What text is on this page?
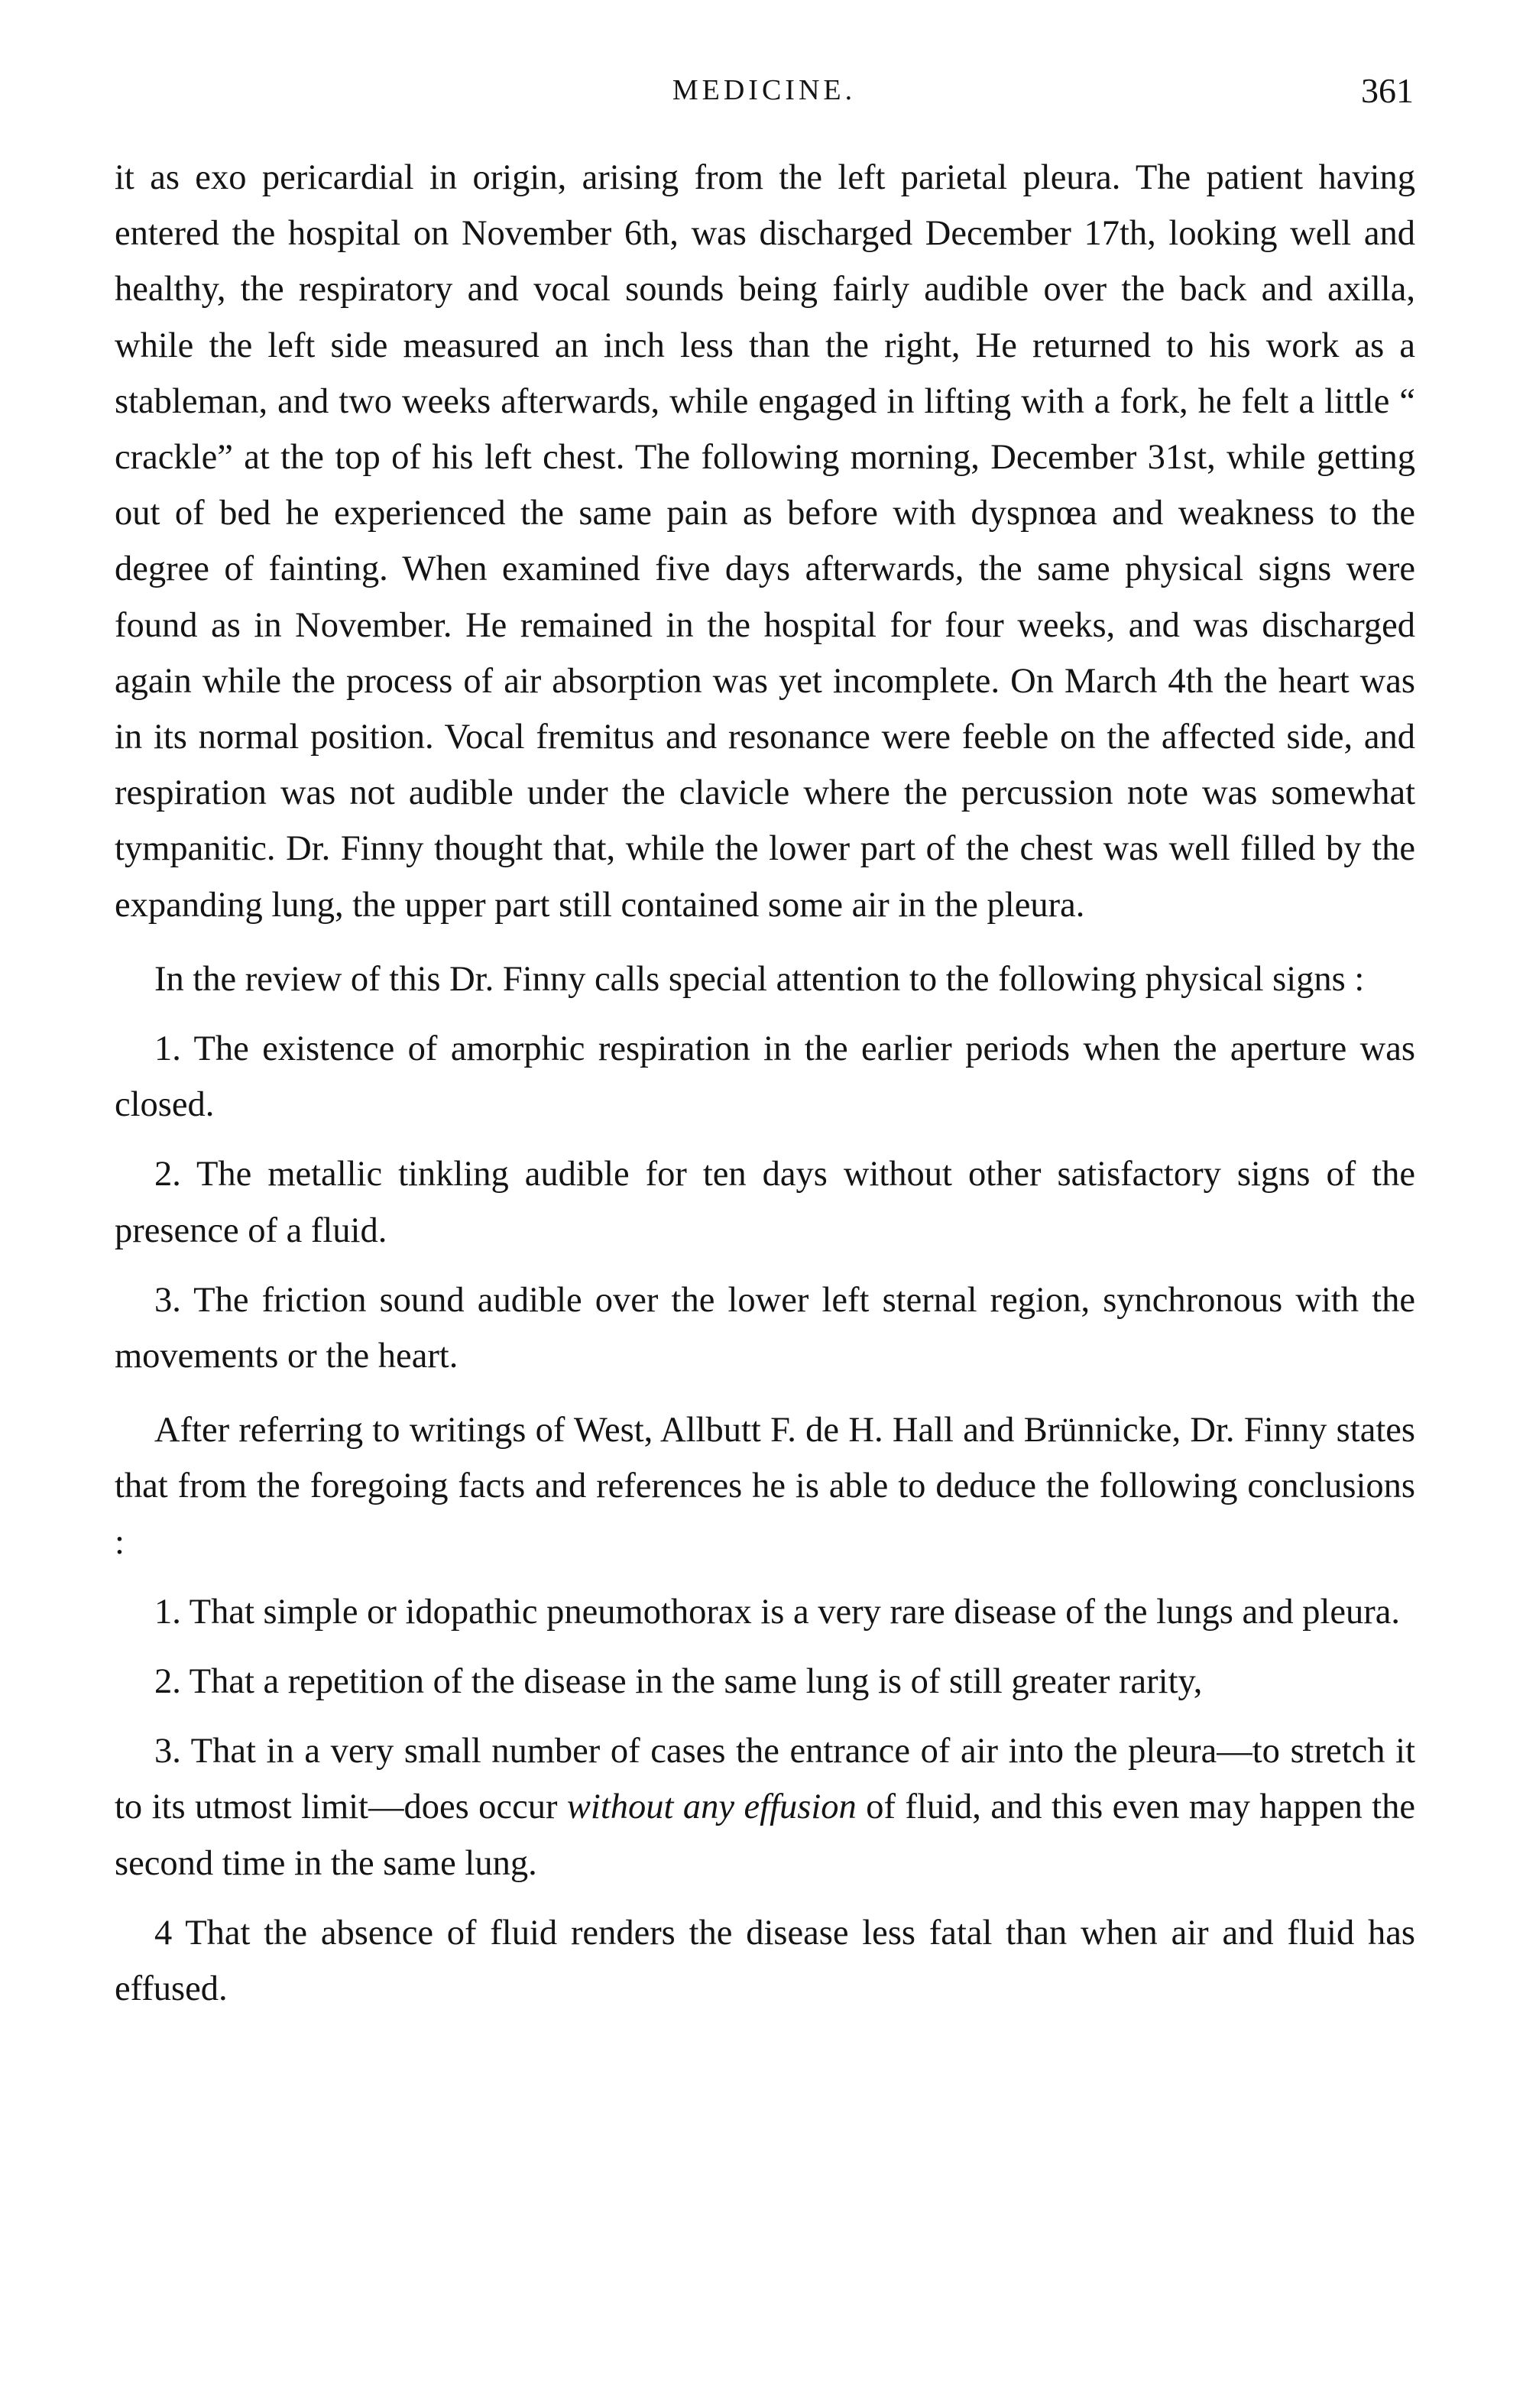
MEDICINE.	361

it as exo pericardial in origin, arising from the left parietal pleura. The patient having entered the hospital on November 6th, was discharged December 17th, looking well and healthy, the respiratory and vocal sounds being fairly audible over the back and axilla, while the left side measured an inch less than the right, He returned to his work as a stableman, and two weeks afterwards, while engaged in lifting with a fork, he felt a little “ crackle” at the top of his left chest. The following morning, December 31st, while getting out of bed he experienced the same pain as before with dyspnœa and weakness to the degree of fainting. When examined five days afterwards, the same physical signs were found as in November. He remained in the hospital for four weeks, and was discharged again while the process of air absorption was yet incomplete. On March 4th the heart was in its normal position. Vocal fremitus and resonance were feeble on the affected side, and respiration was not audible under the clavicle where the percussion note was somewhat tympanitic. Dr. Finny thought that, while the lower part of the chest was well filled by the expanding lung, the upper part still contained some air in the pleura.

In the review of this Dr. Finny calls special attention to the following physical signs :

1. The existence of amorphic respiration in the earlier periods when the aperture was closed.

2. The metallic tinkling audible for ten days without other satisfactory signs of the presence of a fluid.

3. The friction sound audible over the lower left sternal region, synchronous with the movements or the heart.

After referring to writings of West, Allbutt F. de H. Hall and Brünnicke, Dr. Finny states that from the foregoing facts and references he is able to deduce the following conclusions :

1. That simple or idopathic pneumothorax is a very rare disease of the lungs and pleura.

2. That a repetition of the disease in the same lung is of still greater rarity,

3. That in a very small number of cases the entrance of air into the pleura—to stretch it to its utmost limit—does occur without any effusion of fluid, and this even may happen the second time in the same lung.

4 That the absence of fluid renders the disease less fatal than when air and fluid has effused.
